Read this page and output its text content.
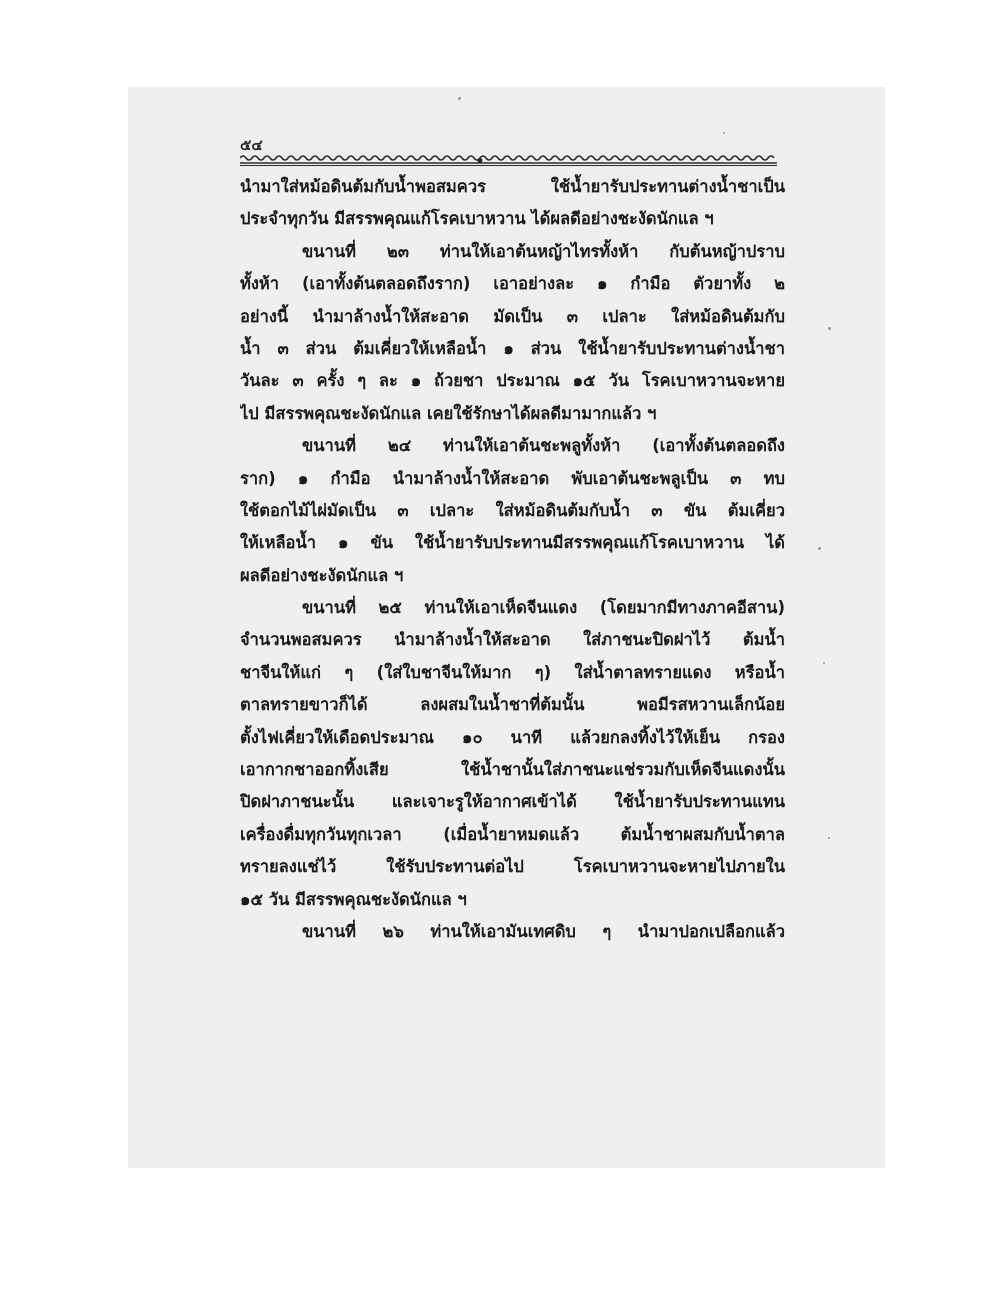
๕๔
นำมาใส่หม้อดินต้มกับน้ำพอสมควร ใช้น้ำยารับประทานต่างน้ำชาเป็น
ประจำทุกวัน มีสรรพคุณแก้โรคเบาหวาน ได้ผลดีอย่างชะงัดนักแล ฯ
ขนานที่ ๒๓ ท่านให้เอาต้นหญ้าไทรทั้งห้า กับต้นหญ้าปราบ
ทั้งห้า (เอาทั้งต้นตลอดถึงราก) เอาอย่างละ ๑ กำมือ ตัวยาทั้ง ๒
อย่างนี้ นำมาล้างน้ำให้สะอาด มัดเป็น ๓ เปลาะ ใส่หม้อดินต้มกับ
น้ำ ๓ ส่วน ต้มเคี่ยวให้เหลือน้ำ ๑ ส่วน ใช้น้ำยารับประทานต่างน้ำชา
วันละ ๓ ครั้ง ๆ ละ ๑ ถ้วยชา ประมาณ ๑๕ วัน โรคเบาหวานจะหาย
ไป มีสรรพคุณชะงัดนักแล เคยใช้รักษาได้ผลดีมามากแล้ว ฯ
ขนานที่ ๒๔ ท่านให้เอาต้นชะพลูทั้งห้า (เอาทั้งต้นตลอดถึง
ราก) ๑ กำมือ นำมาล้างน้ำให้สะอาด พับเอาต้นชะพลูเป็น ๓ ทบ
ใช้ตอกไม้ไผ่มัดเป็น ๓ เปลาะ ใส่หม้อดินต้มกับน้ำ ๓ ขัน ต้มเคี่ยว
ให้เหลือน้ำ ๑ ขัน ใช้น้ำยารับประทานมีสรรพคุณแก้โรคเบาหวาน ได้
ผลดีอย่างชะงัดนักแล ฯ
ขนานที่ ๒๕ ท่านให้เอาเห็ดจีนแดง (โดยมากมีทางภาคอีสาน)
จำนวนพอสมควร นำมาล้างน้ำให้สะอาด ใส่ภาชนะปิดฝาไว้ ต้มน้ำ
ชาจีนให้แก่ ๆ (ใส่ใบชาจีนให้มาก ๆ) ใส่น้ำตาลทรายแดง หรือน้ำ
ตาลทรายขาวก็ได้ ลงผสมในน้ำชาที่ต้มนั้น พอมีรสหวานเล็กน้อย
ตั้งไฟเคี่ยวให้เดือดประมาณ ๑๐ นาที แล้วยกลงทิ้งไว้ให้เย็น กรอง
เอากากชาออกทิ้งเสีย ใช้น้ำชานั้นใส่ภาชนะแช่รวมกับเห็ดจีนแดงนั้น
ปิดฝาภาชนะนั้น และเจาะรูให้อากาศเข้าได้ ใช้น้ำยารับประทานแทน
เครื่องดื่มทุกวันทุกเวลา (เมื่อน้ำยาหมดแล้ว ต้มน้ำชาผสมกับน้ำตาล
ทรายลงแช่ไว้ ใช้รับประทานต่อไป โรคเบาหวานจะหายไปภายใน
๑๕ วัน มีสรรพคุณชะงัดนักแล ฯ
ขนานที่ ๒๖ ท่านให้เอามันเทศดิบ ๆ นำมาปอกเปลือกแล้ว
